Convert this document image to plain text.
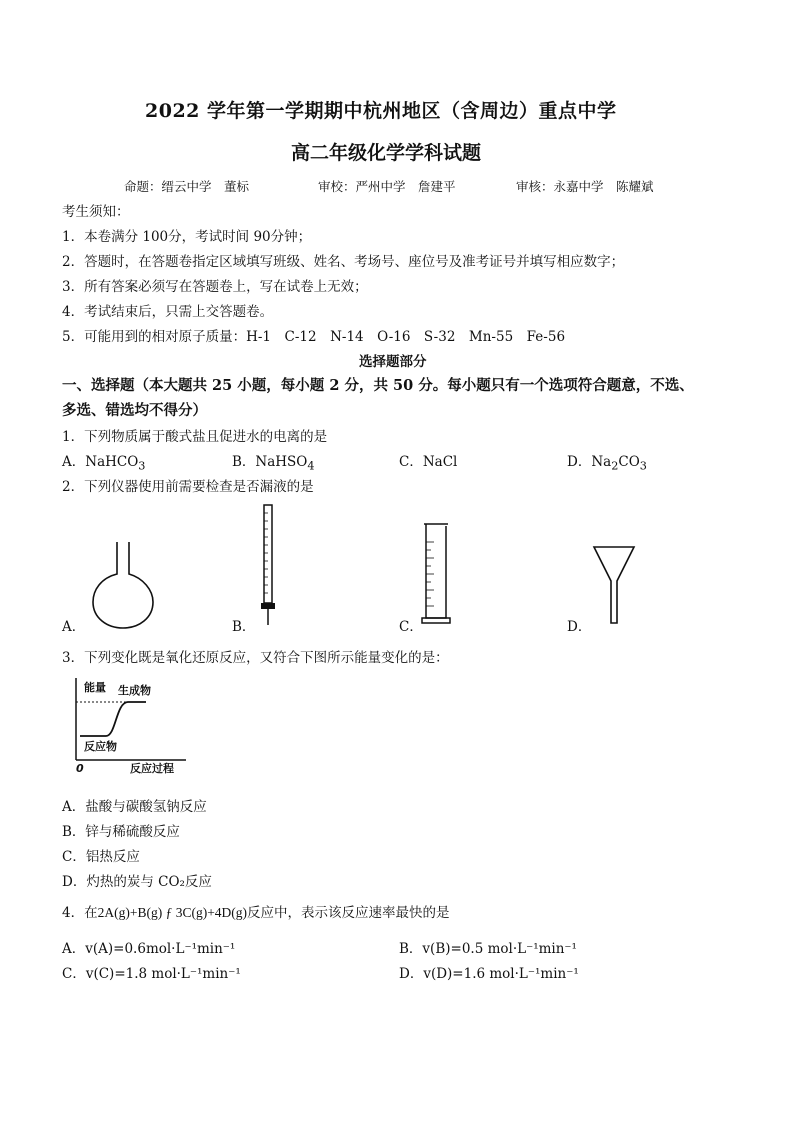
2022 学年第一学期期中杭州地区（含周边）重点中学
高二年级化学学科试题
命题：缙云中学　董标	审校：严州中学　詹建平	审核：永嘉中学　陈耀斌
考生须知：
1．本卷满分 100分，考试时间 90分钟；
2．答题时，在答题卷指定区域填写班级、姓名、考场号、座位号及准考证号并填写相应数字；
3．所有答案必须写在答题卷上，写在试卷上无效；
4．考试结束后，只需上交答题卷。
5．可能用到的相对原子质量：H-1　C-12　N-14　O-16　S-32　Mn-55　Fe-56
选择题部分
一、选择题（本大题共 25 小题，每小题 2 分，共 50 分。每小题只有一个选项符合题意，不选、
多选、错选均不得分）
1．下列物质属于酸式盐且促进水的电离的是
A．NaHCO$_3$	B．NaHSO$_4$	C．NaCl	D．$Na_2CO_3$
2．下列仪器使用前需要检查是否漏液的是
A．	B．	C．	D．
3．下列变化既是氧化还原反应，又符合下图所示能量变化的是：
能量 生成物
反应物
0	反应过程
A．盐酸与碳酸氢钠反应
B．锌与稀硫酸反应
C．铝热反应
D．灼热的炭与 CO₂反应
4．在2A(g)+B(g) ƒ 3C(g)+4D(g)反应中，表示该反应速率最快的是
A．v(A)=0.6mol·L⁻¹min⁻¹	B．v(B)=0.5 mol·L⁻¹min⁻¹
C．v(C)=1.8 mol·L⁻¹min⁻¹	D．v(D)=1.6 mol·L⁻¹min⁻¹
